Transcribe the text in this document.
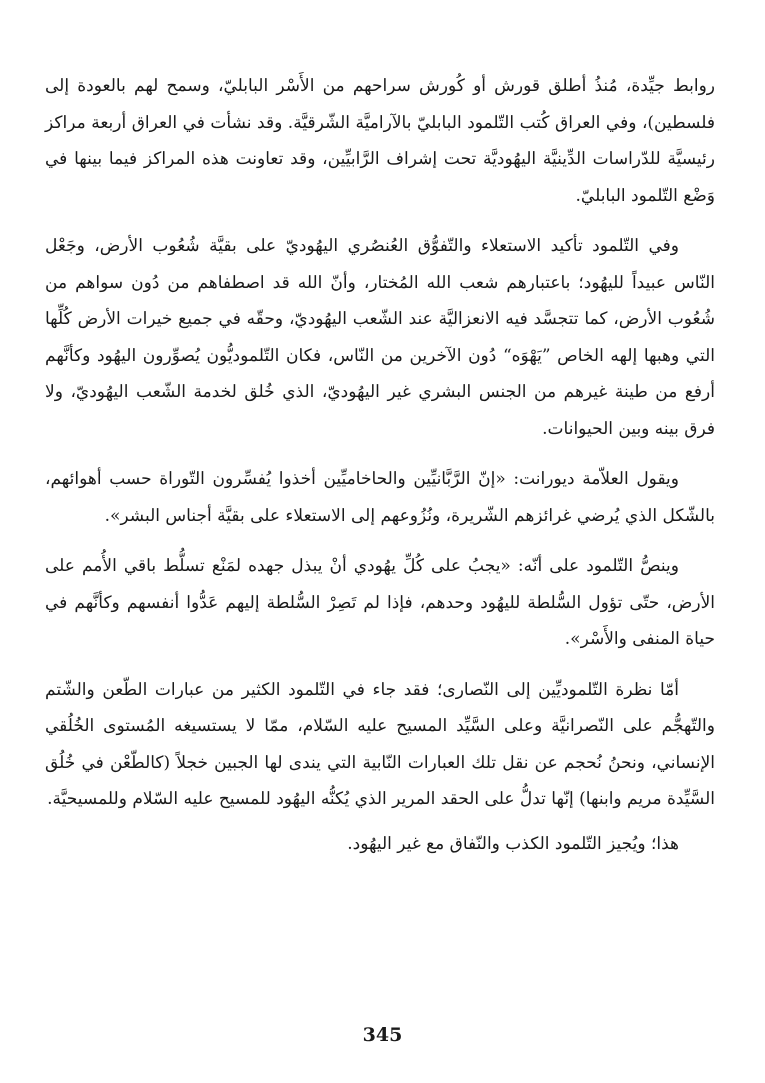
روابط جيِّدة، مُنذُ أطلق قورش أو كُورش سراحهم من الأَسْر البابليّ، وسمح لهم بالعودة إلى فلسطين)، وفي العراق كُتب التّلمود البابليّ بالآراميَّة الشّرقيَّة. وقد نشأت في العراق أربعة مراكز رئيسيَّة للدّراسات الدِّينيَّة اليهُوديَّة تحت إشراف الرَّابيِّين، وقد تعاونت هذه المراكز فيما بينها في وَضْع التّلمود البابليّ.

وفي التّلمود تأكيد الاستعلاء والتّفوُّق العُنصُري اليهُوديّ على بقيَّة شُعُوب الأرض، وجَعْل النّاس عبيداً لليهُود؛ باعتبارهم شعب الله المُختار، وأنّ الله قد اصطفاهم من دُون سواهم من شُعُوب الأرض، كما تتجسَّد فيه الانعزاليَّة عند الشّعب اليهُوديّ، وحقّه في جميع خيرات الأرض كُلِّها التي وهبها إلهه الخاص ”يَهْوَه“ دُون الآخرين من النّاس، فكان التّلموديُّون يُصوِّرون اليهُود وكأنَّهم أرفع من طينة غيرهم من الجنس البشري غير اليهُوديّ، الذي خُلق لخدمة الشّعب اليهُوديّ، ولا فرق بينه وبين الحيوانات.

ويقول العلاّمة ديورانت: «إنّ الرَّبَّانيِّين والحاخاميِّين أخذوا يُفسِّرون التّوراة حسب أهوائهم، بالشّكل الذي يُرضي غرائزهم الشّريرة، ونُزُوعهم إلى الاستعلاء على بقيَّة أجناس البشر».

وينصُّ التّلمود على أنّه: «يجبُ على كُلِّ يهُودي أنْ يبذل جهده لمَنْع تسلُّط باقي الأُمم على الأرض، حتّى تؤول السُّلطة لليهُود وحدهم، فإذا لم تَصِرْ السُّلطة إليهم عَدُّوا أنفسهم وكأنَّهم في حياة المنفى والأَسْر».

أمّا نظرة التّلموديِّين إلى النّصارى؛ فقد جاء في التّلمود الكثير من عبارات الطّعن والشّتم والتّهجُّم على النّصرانيَّة وعلى السَّيِّد المسيح عليه السّلام، ممّا لا يستسيغه المُستوى الخُلُقي الإنساني، ونحنُ نُحجم عن نقل تلك العبارات النّابية التي يندى لها الجبين خجلاً (كالطّعْن في خُلُق السَّيِّدة مريم وابنها) إنّها تدلُّ على الحقد المرير الذي يُكنُّه اليهُود للمسيح عليه السّلام وللمسيحيَّة.

هذا؛ ويُجيز التّلمود الكذب والنّفاق مع غير اليهُود.

345
